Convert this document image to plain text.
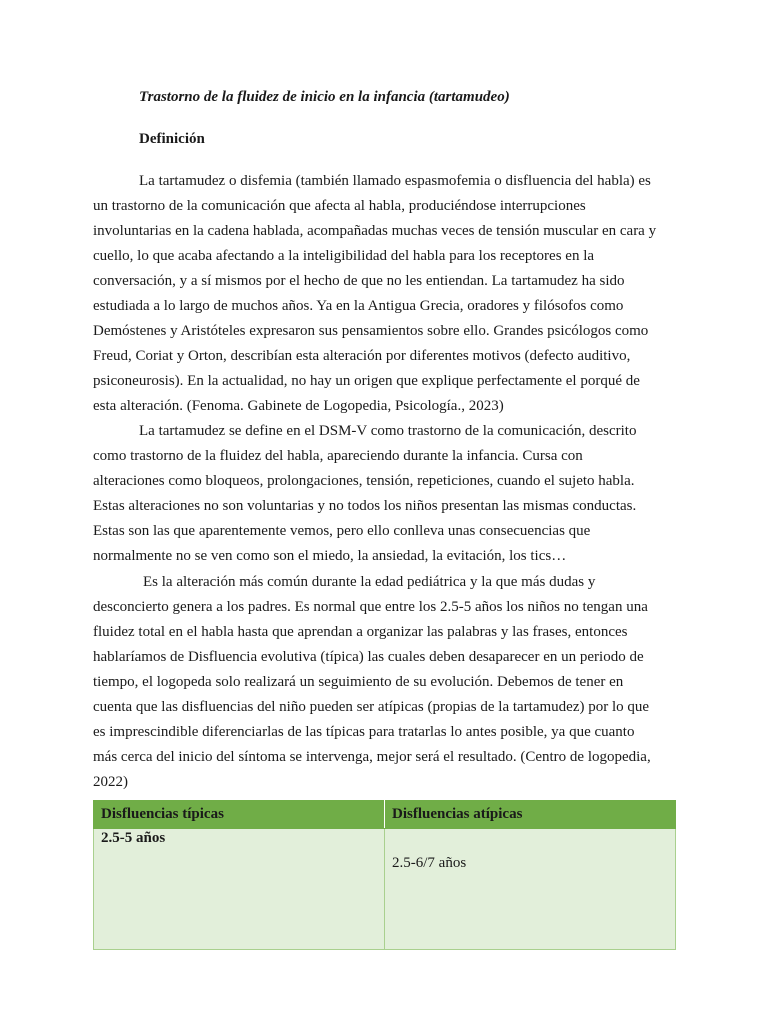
Trastorno de la fluidez de inicio en la infancia (tartamudeo)
Definición
La tartamudez o disfemia (también llamado espasmofemia o disfluencia del habla) es
un trastorno de la comunicación que afecta al habla, produciéndose interrupciones
involuntarias en la cadena hablada, acompañadas muchas veces de tensión muscular en cara y
cuello, lo que acaba afectando a la inteligibilidad del habla para los receptores en la
conversación, y a sí mismos por el hecho de que no les entiendan. La tartamudez ha sido
estudiada a lo largo de muchos años. Ya en la Antigua Grecia, oradores y filósofos como
Demóstenes y Aristóteles expresaron sus pensamientos sobre ello. Grandes psicólogos como
Freud, Coriat y Orton, describían esta alteración por diferentes motivos (defecto auditivo,
psiconeurosis). En la actualidad, no hay un origen que explique perfectamente el porqué de
esta alteración. (Fenoma. Gabinete de Logopedia, Psicología., 2023)
La tartamudez se define en el DSM-V como trastorno de la comunicación, descrito
como trastorno de la fluidez del habla, apareciendo durante la infancia. Cursa con
alteraciones como bloqueos, prolongaciones, tensión, repeticiones, cuando el sujeto habla.
Estas alteraciones no son voluntarias y no todos los niños presentan las mismas conductas.
Estas son las que aparentemente vemos, pero ello conlleva unas consecuencias que
normalmente no se ven como son el miedo, la ansiedad, la evitación, los tics…
Es la alteración más común durante la edad pediátrica y la que más dudas y
desconcierto genera a los padres. Es normal que entre los 2.5-5 años los niños no tengan una
fluidez total en el habla hasta que aprendan a organizar las palabras y las frases, entonces
hablaríamos de Disfluencia evolutiva (típica) las cuales deben desaparecer en un periodo de
tiempo, el logopeda solo realizará un seguimiento de su evolución. Debemos de tener en
cuenta que las disfluencias del niño pueden ser atípicas (propias de la tartamudez) por lo que
es imprescindible diferenciarlas de las típicas para tratarlas lo antes posible, ya que cuanto
más cerca del inicio del síntoma se intervenga, mejor será el resultado. (Centro de logopedia,
2022)
Disfluencias típicas	Disfluencias atípicas
2.5-5 años	2.5-6/7 años
